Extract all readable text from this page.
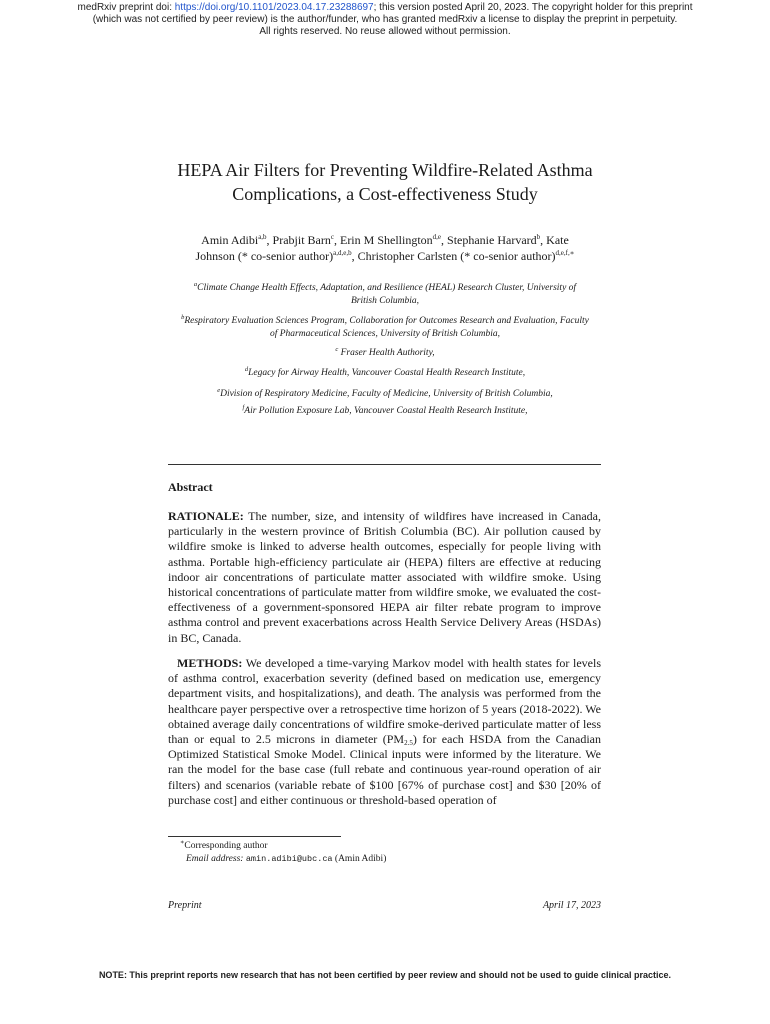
medRxiv preprint doi: https://doi.org/10.1101/2023.04.17.23288697; this version posted April 20, 2023. The copyright holder for this preprint
(which was not certified by peer review) is the author/funder, who has granted medRxiv a license to display the preprint in perpetuity.
All rights reserved. No reuse allowed without permission.
HEPA Air Filters for Preventing Wildfire-Related Asthma
Complications, a Cost-effectiveness Study
Amin Adibi$^{a,b}$, Prabjit Barn$^c$, Erin M Shellington$^{d,e}$, Stephanie Harvard$^b$, Kate
Johnson (* co-senior author)$^{a,d,e,b}$, Christopher Carlsten (* co-senior author)$^{d,e,f,∗}$
$^a$Climate Change Health Effects, Adaptation, and Resilience (HEAL) Research Cluster, University of
British Columbia,
$^b$Respiratory Evaluation Sciences Program, Collaboration for Outcomes Research and Evaluation, Faculty
of Pharmaceutical Sciences, University of British Columbia,
$^c$ Fraser Health Authority,
$^d$Legacy for Airway Health, Vancouver Coastal Health Research Institute,
$^e$Division of Respiratory Medicine, Faculty of Medicine, University of British Columbia,
$^f$Air Pollution Exposure Lab, Vancouver Coastal Health Research Institute,
Abstract
RATIONALE: The number, size, and intensity of wildfires have increased in Canada, particularly in the western province of British Columbia (BC). Air pollution caused by wildfire smoke is linked to adverse health outcomes, especially for people living with asthma. Portable high-efficiency particulate air (HEPA) filters are effective at reducing indoor air concentrations of particulate matter associated with wildfire smoke. Using historical concentrations of particulate matter from wildfire smoke, we evaluated the cost-effectiveness of a government-sponsored HEPA air filter rebate program to improve asthma control and prevent exacerbations across Health Service Delivery Areas (HSDAs) in BC, Canada.
METHODS: We developed a time-varying Markov model with health states for levels of asthma control, exacerbation severity (defined based on medication use, emergency department visits, and hospitalizations), and death. The analysis was performed from the healthcare payer perspective over a retrospective time horizon of 5 years (2018-2022). We obtained average daily concentrations of wildfire smoke-derived particulate matter of less than or equal to 2.5 microns in diameter $(PM_{2.5})$ for each HSDA from the Canadian Optimized Statistical Smoke Model. Clinical inputs were informed by the literature. We ran the model for the base case (full rebate and continuous year-round operation of air filters) and scenarios (variable rebate of $100 [67% of purchase cost] and $30 [20% of purchase cost] and either continuous or threshold-based operation of
∗Corresponding author
Email address: amin.adibi@ubc.ca (Amin Adibi)
Preprint	April 17, 2023
NOTE: This preprint reports new research that has not been certified by peer review and should not be used to guide clinical practice.
